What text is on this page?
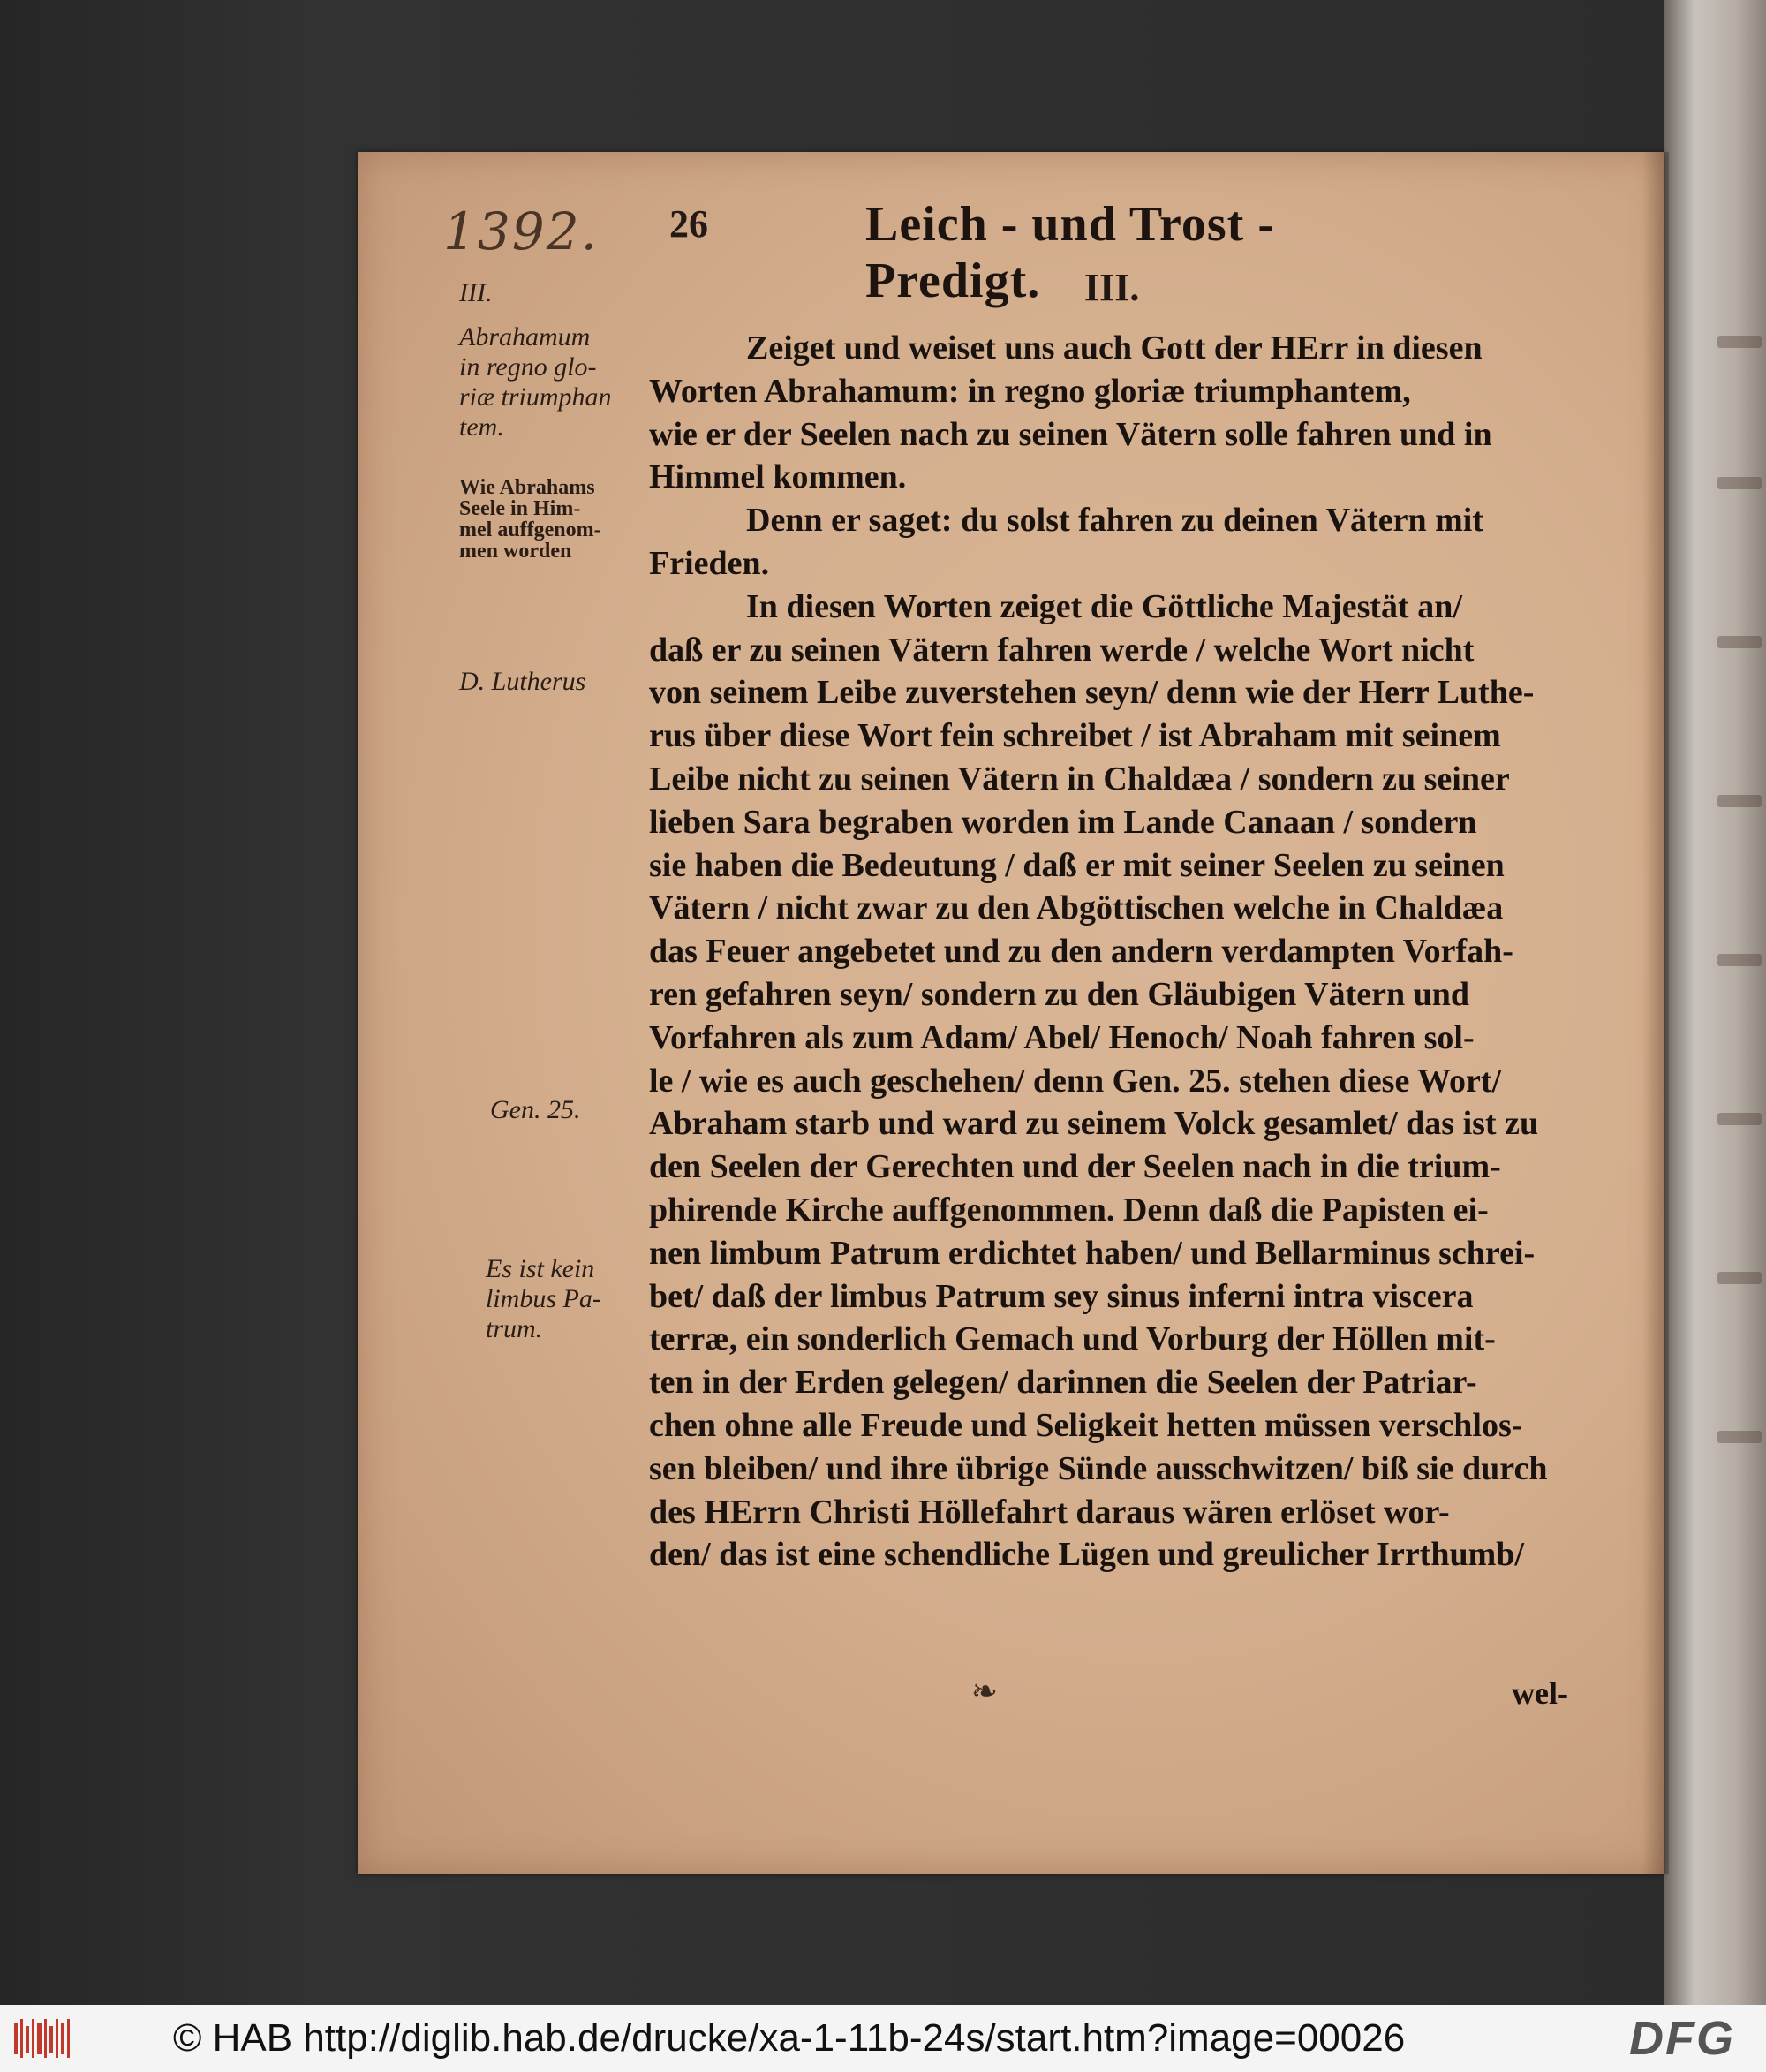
1392.	26	Leich - und Trost - Predigt.	III.
III.
Abrahamum
in regno glo-
riæ triumphan
tem.
Wie Abrahams
Seele in Him-
mel auffgenom-
men worden
D. Lutherus
Gen. 25.
Es ist kein
limbus Pa-
trum.
Zeiget und weiset uns auch Gott der HErr in diesen
Worten Abrahamum: in regno gloriæ triumphantem,
wie er der Seelen nach zu seinen Vätern solle fahren und in
Himmel kommen.
Denn er saget: du solst fahren zu deinen Vätern mit
Frieden.
In diesen Worten zeiget die Göttliche Majestät an/
daß er zu seinen Vätern fahren werde / welche Wort nicht
von seinem Leibe zuverstehen seyn/ denn wie der Herr Luthe-
rus über diese Wort fein schreibet / ist Abraham mit seinem
Leibe nicht zu seinen Vätern in Chaldæa / sondern zu seiner
lieben Sara begraben worden im Lande Canaan / sondern
sie haben die Bedeutung / daß er mit seiner Seelen zu seinen
Vätern / nicht zwar zu den Abgöttischen welche in Chaldæa
das Feuer angebetet und zu den andern verdampten Vorfah-
ren gefahren seyn/ sondern zu den Gläubigen Vätern und
Vorfahren als zum Adam/ Abel/ Henoch/ Noah fahren sol-
le / wie es auch geschehen/ denn Gen. 25. stehen diese Wort/
Abraham starb und ward zu seinem Volck gesamlet/ das ist zu
den Seelen der Gerechten und der Seelen nach in die trium-
phirende Kirche auffgenommen. Denn daß die Papisten ei-
nen limbum Patrum erdichtet haben/ und Bellarminus schrei-
bet/ daß der limbus Patrum sey sinus inferni intra viscera
terræ, ein sonderlich Gemach und Vorburg der Höllen mit-
ten in der Erden gelegen/ darinnen die Seelen der Patriar-
chen ohne alle Freude und Seligkeit hetten müssen verschlos-
sen bleiben/ und ihre übrige Sünde ausschwitzen/ biß sie durch
des HErrn Christi Höllefahrt daraus wären erlöset wor-
den/ das ist eine schendliche Lügen und greulicher Irrthumb/
❧	wel-
© HAB http://diglib.hab.de/drucke/xa-1-11b-24s/start.htm?image=00026	DFG
